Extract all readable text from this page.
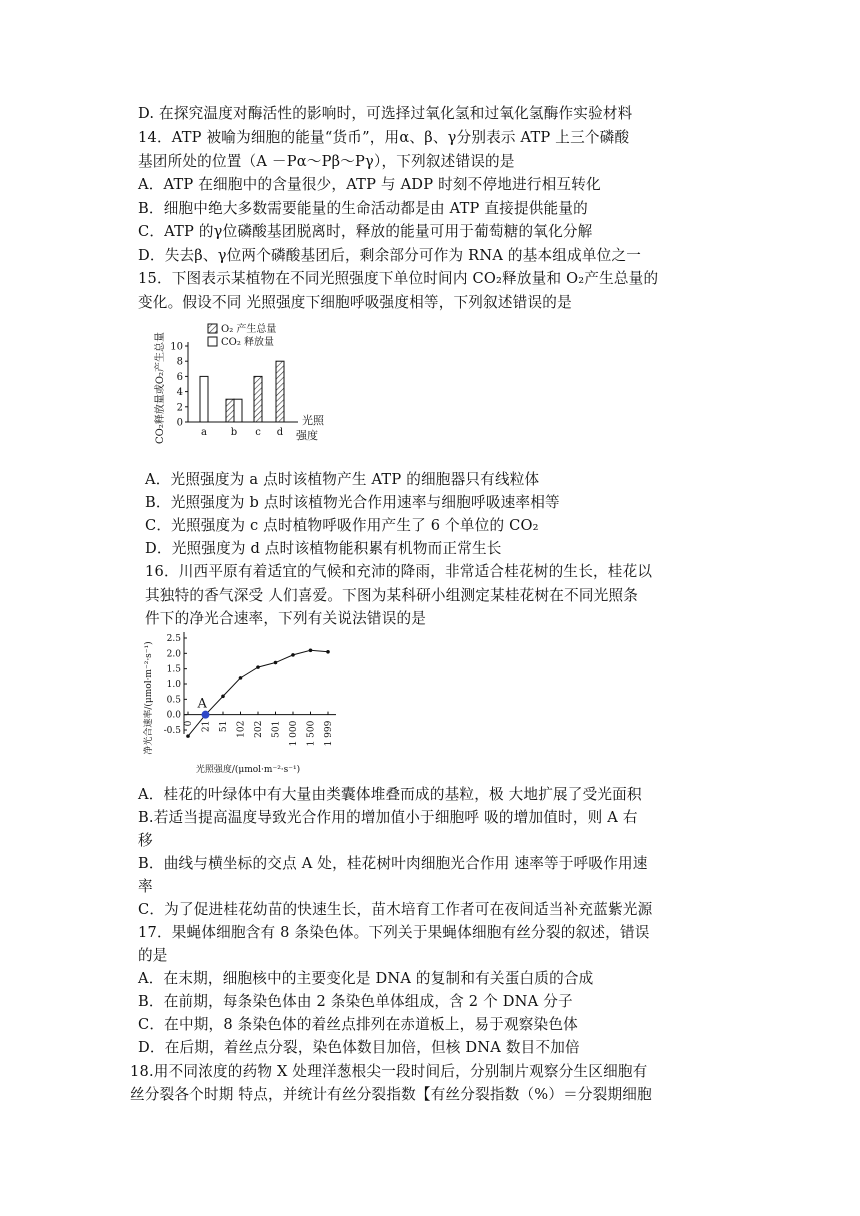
D. 在探究温度对酶活性的影响时，可选择过氧化氢和过氧化氢酶作实验材料
14．ATP 被喻为细胞的能量“货币”，用α、β、γ分别表示 ATP 上三个磷酸
基团所处的位置（A －Pα～Pβ～Pγ），下列叙述错误的是
A．ATP 在细胞中的含量很少，ATP 与 ADP 时刻不停地进行相互转化
B．细胞中绝大多数需要能量的生命活动都是由 ATP 直接提供能量的
C．ATP 的γ位磷酸基团脱离时，释放的能量可用于葡萄糖的氧化分解
D．失去β、γ位两个磷酸基团后，剩余部分可作为 RNA 的基本组成单位之一
15．下图表示某植物在不同光照强度下单位时间内 CO₂释放量和 O₂产生总量的
变化。假设不同 光照强度下细胞呼吸强度相等，下列叙述错误的是
CO₂释放量或O₂产生总量 0
2
4
6
8
10
a b c d
O₂ 产生总量
CO₂ 释放量
光照强度
A．光照强度为 a 点时该植物产生 ATP 的细胞器只有线粒体
B．光照强度为 b 点时该植物光合作用速率与细胞呼吸速率相等
C．光照强度为 c 点时植物呼吸作用产生了 6 个单位的 CO₂
D．光照强度为 d 点时该植物能积累有机物而正常生长
16．川西平原有着适宜的气候和充沛的降雨，非常适合桂花树的生长，桂花以
其独特的香气深受 人们喜爱。下图为某科研小组测定某桂花树在不同光照条
件下的净光合速率，下列有关说法错误的是
净光合速率/(μmol·m⁻²·s⁻¹)
2.5
2.0
1.5
1.0
0.5
0.0
-0.5
0 21 51 102 202 501 1 000 1 500 1 999
A
光照强度/(μmol·m⁻²·s⁻¹)
A．桂花的叶绿体中有大量由类囊体堆叠而成的基粒，极 大地扩展了受光面积
B.若适当提高温度导致光合作用的增加值小于细胞呼 吸的增加值时，则 A 右
移
B．曲线与横坐标的交点 A 处，桂花树叶肉细胞光合作用 速率等于呼吸作用速
率
C．为了促进桂花幼苗的快速生长，苗木培育工作者可在夜间适当补充蓝紫光源
17．果蝇体细胞含有 8 条染色体。下列关于果蝇体细胞有丝分裂的叙述，错误
的是
A．在末期，细胞核中的主要变化是 DNA 的复制和有关蛋白质的合成
B．在前期，每条染色体由 2 条染色单体组成，含 2 个 DNA 分子
C．在中期，8 条染色体的着丝点排列在赤道板上，易于观察染色体
D．在后期，着丝点分裂，染色体数目加倍，但核 DNA 数目不加倍
18.用不同浓度的药物 X 处理洋葱根尖一段时间后，分别制片观察分生区细胞有
丝分裂各个时期 特点，并统计有丝分裂指数【有丝分裂指数（%）＝分裂期细胞
